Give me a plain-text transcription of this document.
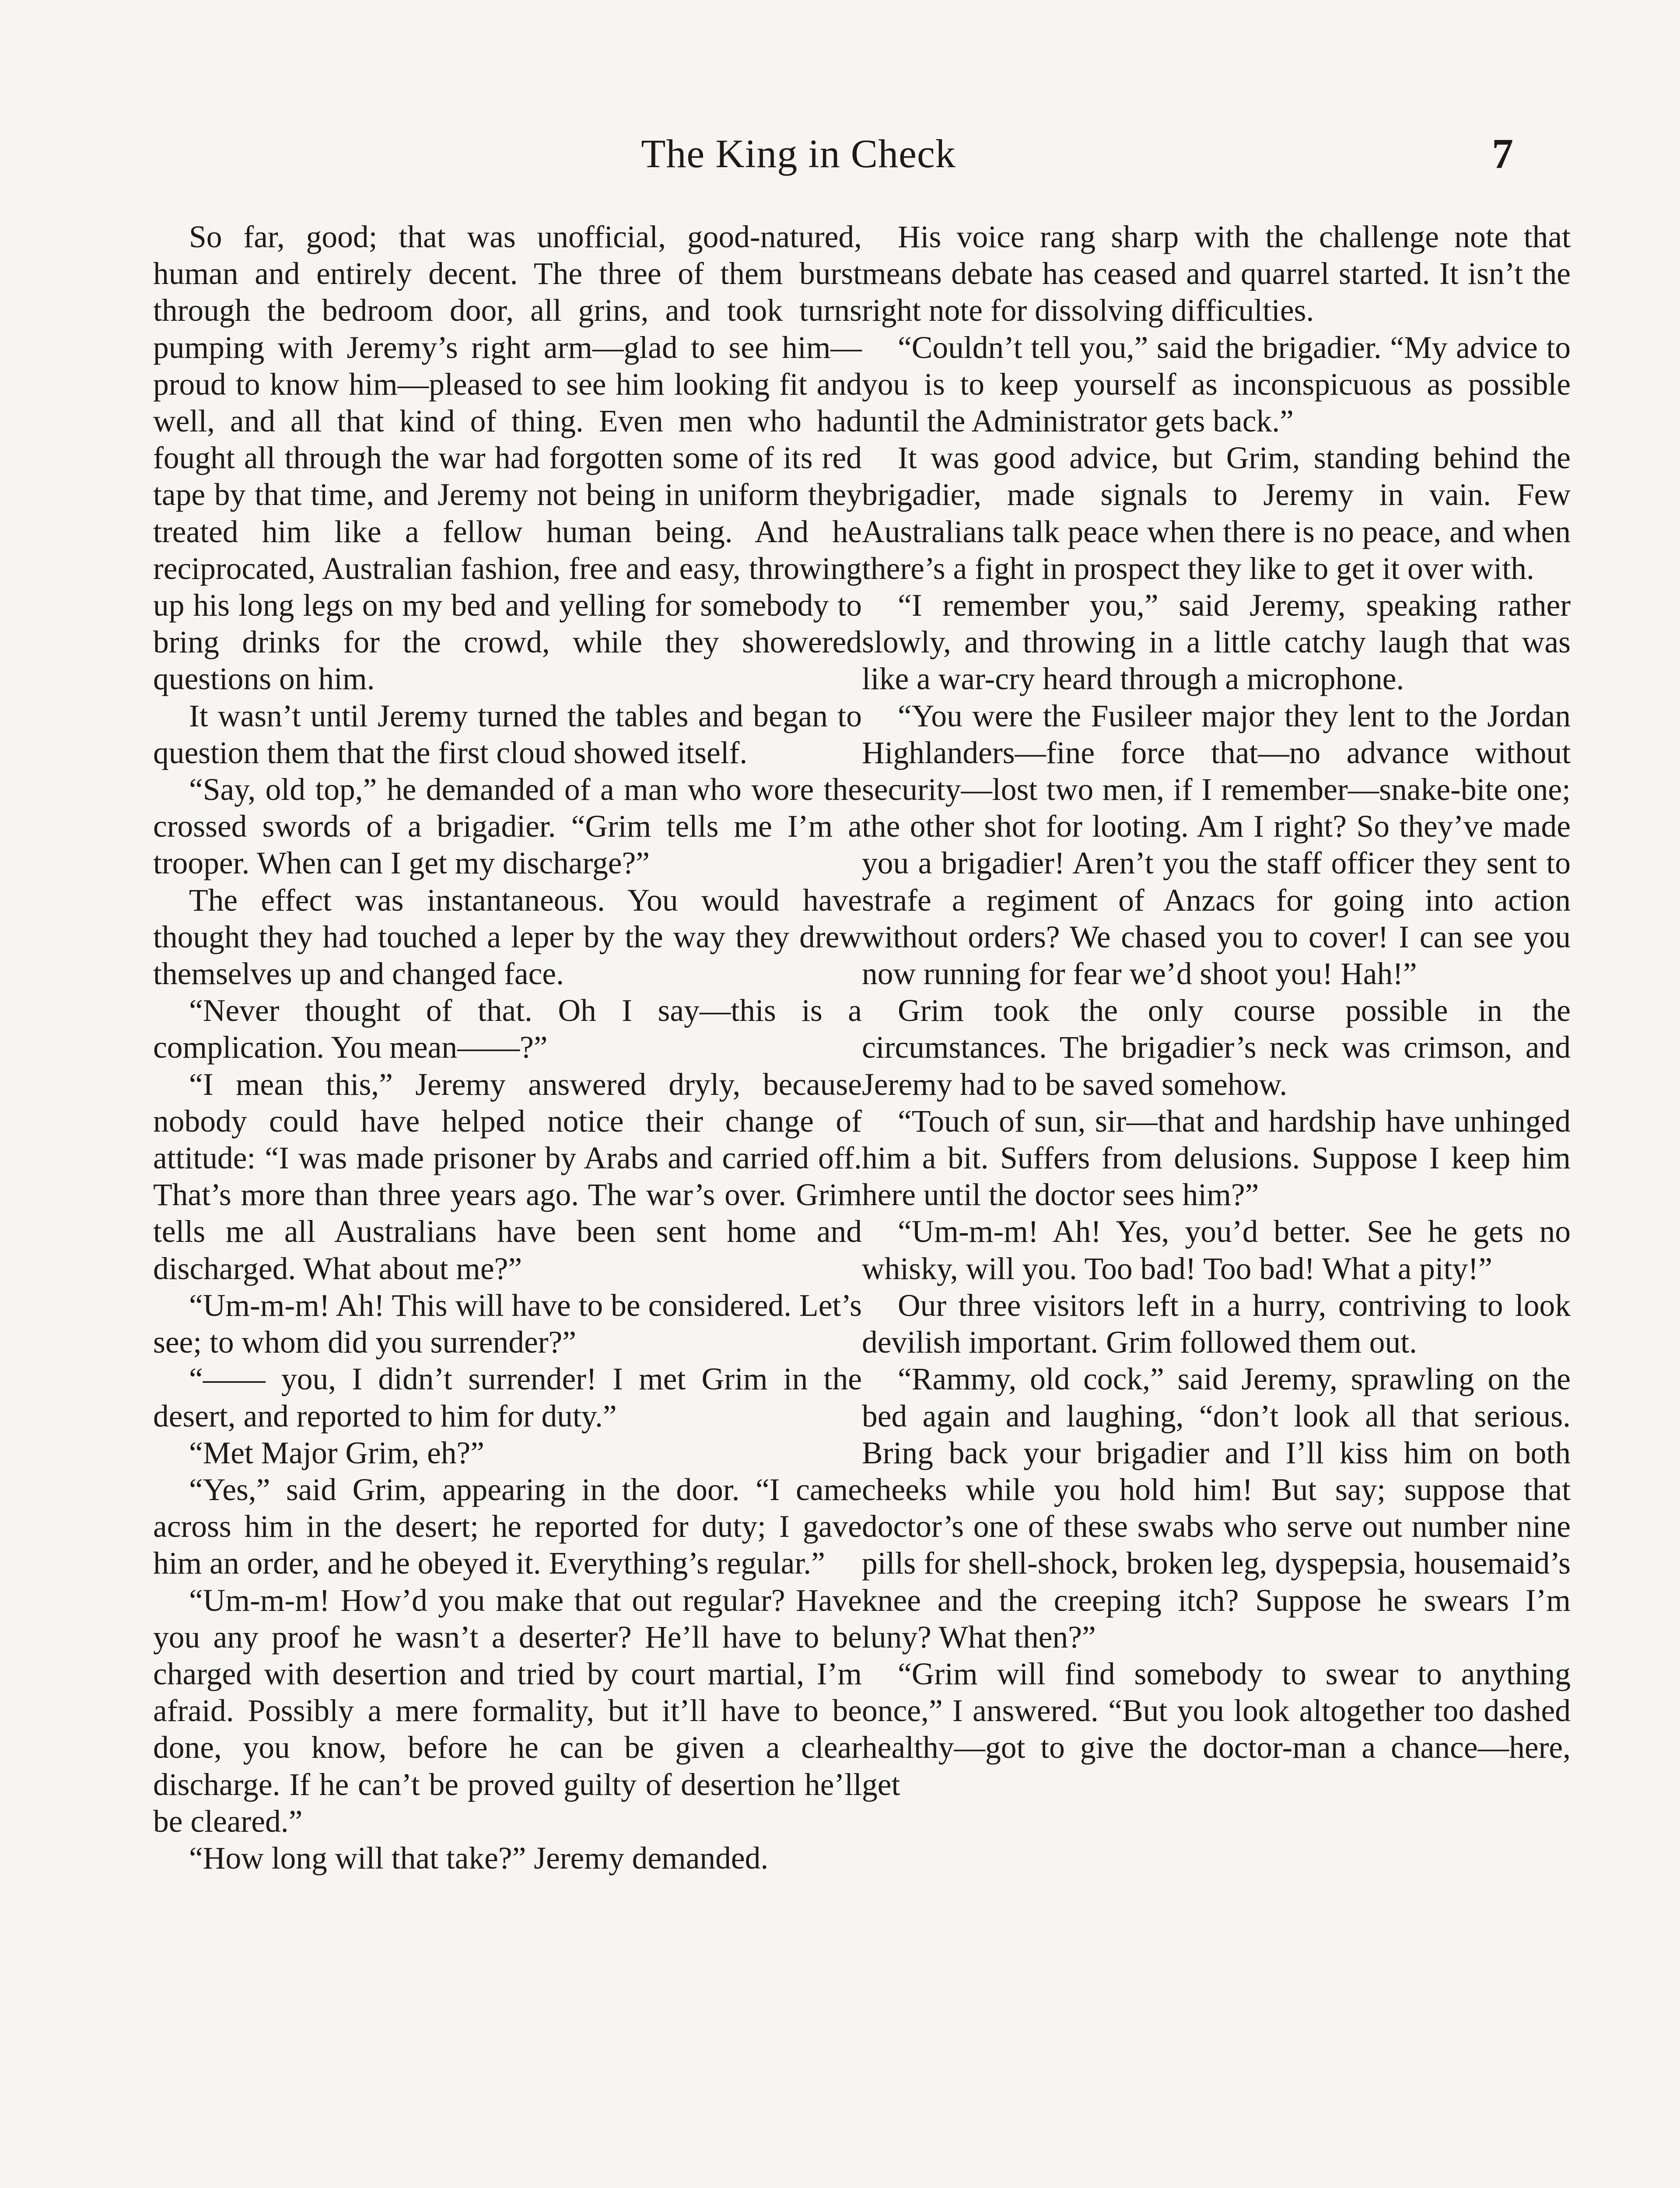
The King in Check	7

So far, good; that was unofficial, good-natured, human and entirely decent. The three of them burst through the bedroom door, all grins, and took turns pumping with Jeremy’s right arm—glad to see him—proud to know him—pleased to see him looking fit and well, and all that kind of thing. Even men who had fought all through the war had forgotten some of its red tape by that time, and Jeremy not being in uniform they treated him like a fellow human being. And he reciprocated, Australian fashion, free and easy, throwing up his long legs on my bed and yelling for somebody to bring drinks for the crowd, while they showered questions on him.

It wasn’t until Jeremy turned the tables and began to question them that the first cloud showed itself.

“Say, old top,” he demanded of a man who wore the crossed swords of a brigadier. “Grim tells me I’m a trooper. When can I get my discharge?”

The effect was instantaneous. You would have thought they had touched a leper by the way they drew themselves up and changed face.

“Never thought of that. Oh I say—this is a complication. You mean——?”

“I mean this,” Jeremy answered dryly, because nobody could have helped notice their change of attitude: “I was made prisoner by Arabs and carried off. That’s more than three years ago. The war’s over. Grim tells me all Australians have been sent home and discharged. What about me?”

“Um-m-m! Ah! This will have to be considered. Let’s see; to whom did you surrender?”

“—— you, I didn’t surrender! I met Grim in the desert, and reported to him for duty.”

“Met Major Grim, eh?”

“Yes,” said Grim, appearing in the door. “I came across him in the desert; he reported for duty; I gave him an order, and he obeyed it. Everything’s regular.”

“Um-m-m! How’d you make that out regular? Have you any proof he wasn’t a deserter? He’ll have to be charged with desertion and tried by court martial, I’m afraid. Possibly a mere formality, but it’ll have to be done, you know, before he can be given a clear discharge. If he can’t be proved guilty of desertion he’ll be cleared.”

“How long will that take?” Jeremy demanded.

His voice rang sharp with the challenge note that means debate has ceased and quarrel started. It isn’t the right note for dissolving difficulties.

“Couldn’t tell you,” said the brigadier. “My advice to you is to keep yourself as inconspicuous as possible until the Administrator gets back.”

It was good advice, but Grim, standing behind the brigadier, made signals to Jeremy in vain. Few Australians talk peace when there is no peace, and when there’s a fight in prospect they like to get it over with.

“I remember you,” said Jeremy, speaking rather slowly, and throwing in a little catchy laugh that was like a war-cry heard through a microphone.

“You were the Fusileer major they lent to the Jordan Highlanders—fine force that—no advance without security—lost two men, if I remember—snake-bite one; the other shot for looting. Am I right? So they’ve made you a brigadier! Aren’t you the staff officer they sent to strafe a regiment of Anzacs for going into action without orders? We chased you to cover! I can see you now running for fear we’d shoot you! Hah!”

Grim took the only course possible in the circumstances. The brigadier’s neck was crimson, and Jeremy had to be saved somehow.

“Touch of sun, sir—that and hardship have unhinged him a bit. Suffers from delusions. Suppose I keep him here until the doctor sees him?”

“Um-m-m! Ah! Yes, you’d better. See he gets no whisky, will you. Too bad! Too bad! What a pity!”

Our three visitors left in a hurry, contriving to look devilish important. Grim followed them out.

“Rammy, old cock,” said Jeremy, sprawling on the bed again and laughing, “don’t look all that serious. Bring back your brigadier and I’ll kiss him on both cheeks while you hold him! But say; suppose that doctor’s one of these swabs who serve out number nine pills for shell-shock, broken leg, dyspepsia, housemaid’s knee and the creeping itch? Suppose he swears I’m luny? What then?”

“Grim will find somebody to swear to anything once,” I answered. “But you look altogether too dashed healthy—got to give the doctor-man a chance—here, get
